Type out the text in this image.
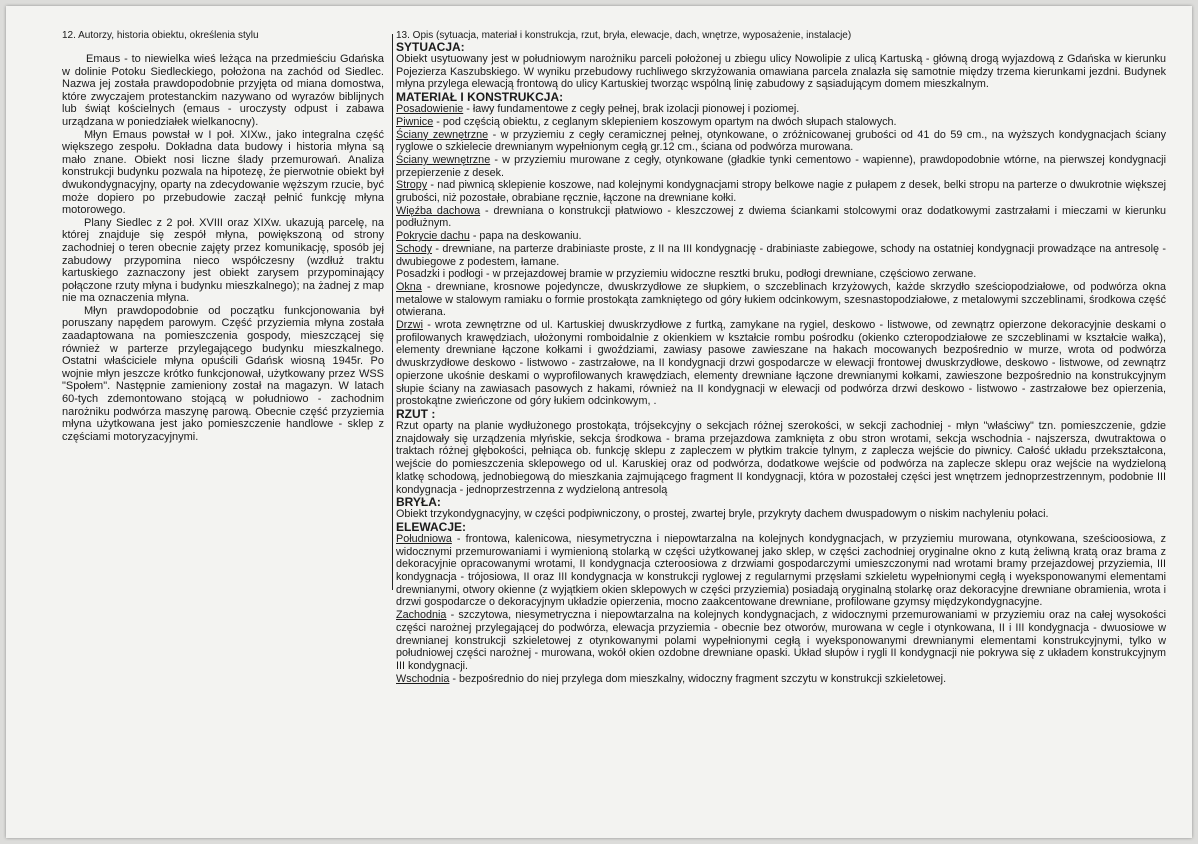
12. Autorzy, historia obiektu, określenia stylu

Emaus - to niewielka wieś leżąca na przedmieściu Gdańska w dolinie Potoku Siedleckiego, położona na zachód od Siedlec. Nazwa jej została prawdopodobnie przyjęta od miana domostwa, które zwyczajem protestanckim nazywano od wyrazów biblijnych lub świąt kościelnych (emaus - uroczysty odpust i zabawa urządzana w poniedziałek wielkanocny).

Młyn Emaus powstał w I poł. XIXw., jako integralna część większego zespołu. Dokładna data budowy i historia młyna są mało znane. Obiekt nosi liczne ślady przemurowań. Analiza konstrukcji budynku pozwala na hipotezę, że pierwotnie obiekt był dwukondygnacyjny, oparty na zdecydowanie węższym rzucie, być może dopiero po przebudowie zaczął pełnić funkcję młyna motorowego.

Plany Siedlec z 2 poł. XVIII oraz XIXw. ukazują parcelę, na której znajduje się zespół młyna, powiększoną od strony zachodniej o teren obecnie zajęty przez komunikację, sposób jej zabudowy przypomina nieco współczesny (wzdłuż traktu kartuskiego zaznaczony jest obiekt zarysem przypominający połączone rzuty młyna i budynku mieszkalnego); na żadnej z map nie ma oznaczenia młyna.

Młyn prawdopodobnie od początku funkcjonowania był poruszany napędem parowym. Część przyziemia młyna została zaadaptowana na pomieszczenia gospody, mieszczącej się również w parterze przylegającego budynku mieszkalnego. Ostatni właściciele młyna opuścili Gdańsk wiosną 1945r. Po wojnie młyn jeszcze krótko funkcjonował, użytkowany przez WSS "Społem". Następnie zamieniony został na magazyn. W latach 60-tych zdemontowano stojącą w południowo - zachodnim narożniku podwórza maszynę parową. Obecnie część przyziemia młyna użytkowana jest jako pomieszczenie handlowe - sklep z częściami motoryzacyjnymi.

13. Opis (sytuacja, materiał i konstrukcja, rzut, bryła, elewacje, dach, wnętrze, wyposażenie, instalacje)
SYTUACJA:

Obiekt usytuowany jest w południowym narożniku parceli położonej u zbiegu ulicy Nowolipie z ulicą Kartuską - główną drogą wyjazdową z Gdańska w kierunku Pojezierza Kaszubskiego. W wyniku przebudowy ruchliwego skrzyżowania omawiana parcela znalazła się samotnie między trzema kierunkami jezdni. Budynek młyna przylega elewacją frontową do ulicy Kartuskiej tworząc wspólną linię zabudowy z sąsiadującym domem mieszkalnym.

MATERIAŁ I KONSTRUKCJA:

Posadowienie - ławy fundamentowe z cegły pełnej, brak izolacji pionowej i poziomej.

Piwnice - pod częścią obiektu, z ceglanym sklepieniem koszowym opartym na dwóch słupach stalowych.

Ściany zewnętrzne - w przyziemiu z cegły ceramicznej pełnej, otynkowane, o zróżnicowanej grubości od 41 do 59 cm., na wyższych kondygnacjach ściany ryglowe o szkielecie drewnianym wypełnionym cegłą gr.12 cm., ściana od podwórza murowana.

Ściany wewnętrzne - w przyziemiu murowane z cegły, otynkowane (gładkie tynki cementowo - wapienne), prawdopodobnie wtórne, na pierwszej kondygnacji przepierzenie z desek.

Stropy - nad piwnicą sklepienie koszowe, nad kolejnymi kondygnacjami stropy belkowe nagie z pułapem z desek, belki stropu na parterze o dwukrotnie większej grubości, niż pozostałe, obrabiane ręcznie, łączone na drewniane kołki.

Więźba dachowa - drewniana o konstrukcji płatwiowo - kleszczowej z dwiema ściankami stolcowymi oraz dodatkowymi zastrzałami i mieczami w kierunku podłużnym.

Pokrycie dachu - papa na deskowaniu.

Schody - drewniane, na parterze drabiniaste proste, z II na III kondygnację - drabiniaste zabiegowe, schody na ostatniej kondygnacji prowadzące na antresolę - dwubiegowe z podestem, łamane.

Posadzki i podłogi - w przejazdowej bramie w przyziemiu widoczne resztki bruku, podłogi drewniane, częściowo zerwane.

Okna - drewniane, krosnowe pojedyncze, dwuskrzydłowe ze słupkiem, o szczeblinach krzyżowych, każde skrzydło sześciopodziałowe, od podwórza okna metalowe w stalowym ramiaku o formie prostokąta zamkniętego od góry łukiem odcinkowym, szesnastopodziałowe, z metalowymi szczeblinami, środkowa część otwierana.

Drzwi - wrota zewnętrzne od ul. Kartuskiej dwuskrzydłowe z furtką, zamykane na rygiel, deskowo - listwowe, od zewnątrz opierzone dekoracyjnie deskami o profilowanych krawędziach, ułożonymi romboidalnie z okienkiem w kształcie rombu pośrodku (okienko czteropodziałowe ze szczeblinami w kształcie wałka), elementy drewniane łączone kołkami i gwoździami, zawiasy pasowe zawieszane na hakach mocowanych bezpośrednio w murze, wrota od podwórza dwuskrzydłowe deskowo - listwowo - zastrzałowe, na II kondygnacji drzwi gospodarcze w elewacji frontowej dwuskrzydłowe, deskowo - listwowe, od zewnątrz opierzone ukośnie deskami o wyprofilowanych krawędziach, elementy drewniane łączone drewnianymi kołkami, zawieszone bezpośrednio na konstrukcyjnym słupie ściany na zawiasach pasowych z hakami, również na II kondygnacji w elewacji od podwórza drzwi deskowo - listwowo - zastrzałowe bez opierzenia, prostokątne zwieńczone od góry łukiem odcinkowym, .

RZUT :

Rzut oparty na planie wydłużonego prostokąta, trójsekcyjny o sekcjach różnej szerokości, w sekcji zachodniej - młyn "właściwy" tzn. pomieszczenie, gdzie znajdowały się urządzenia młyńskie, sekcja środkowa - brama przejazdowa zamknięta z obu stron wrotami, sekcja wschodnia - najszersza, dwutraktowa o traktach różnej głębokości, pełniąca ob. funkcję sklepu z zapleczem w płytkim trakcie tylnym, z zaplecza wejście do piwnicy. Całość układu przekształcona, wejście do pomieszczenia sklepowego od ul. Karuskiej oraz od podwórza, dodatkowe wejście od podwórza na zaplecze sklepu oraz wejście na wydzieloną klatkę schodową, jednobiegową do mieszkania zajmującego fragment II kondygnacji, która w pozostałej części jest wnętrzem jednoprzestrzennym, podobnie III kondygnacja - jednoprzestrzenna z wydzieloną antresolą

BRYŁA:

Obiekt trzykondygnacyjny, w części podpiwniczony, o prostej, zwartej bryle, przykryty dachem dwuspadowym o niskim nachyleniu połaci.

ELEWACJE:

Południowa - frontowa, kalenicowa, niesymetryczna i niepowtarzalna na kolejnych kondygnacjach, w przyziemiu murowana, otynkowana, sześcioosiowa, z widocznymi przemurowaniami i wymienioną stolarką w części użytkowanej jako sklep, w części zachodniej oryginalne okno z kutą żeliwną kratą oraz brama z dekoracyjnie opracowanymi wrotami, II kondygnacja czteroosiowa z drzwiami gospodarczymi umieszczonymi nad wrotami bramy przejazdowej przyziemia, III kondygnacja - trójosiowa, II oraz III kondygnacja w konstrukcji ryglowej z regularnymi przęsłami szkieletu wypełnionymi cegłą i wyeksponowanymi elementami drewnianymi, otwory okienne (z wyjątkiem okien sklepowych w części przyziemia) posiadają oryginalną stolarkę oraz dekoracyjne drewniane obramienia, wrota i drzwi gospodarcze o dekoracyjnym układzie opierzenia, mocno zaakcentowane drewniane, profilowane gzymsy międzykondygnacyjne.

Zachodnia - szczytowa, niesymetryczna i niepowtarzalna na kolejnych kondygnacjach, z widocznymi przemurowaniami w przyziemiu oraz na całej wysokości części narożnej przylegającej do podwórza, elewacja przyziemia - obecnie bez otworów, murowana w cegle i otynkowana, II i III kondygnacja - dwuosiowe w drewnianej konstrukcji szkieletowej z otynkowanymi polami wypełnionymi cegłą i wyeksponowanymi drewnianymi elementami konstrukcyjnymi, tylko w południowej części narożnej - murowana, wokół okien ozdobne drewniane opaski. Układ słupów i rygli II kondygnacji nie pokrywa się z układem konstrukcyjnym III kondygnacji.

Wschodnia - bezpośrednio do niej przylega dom mieszkalny, widoczny fragment szczytu w konstrukcji szkieletowej.
